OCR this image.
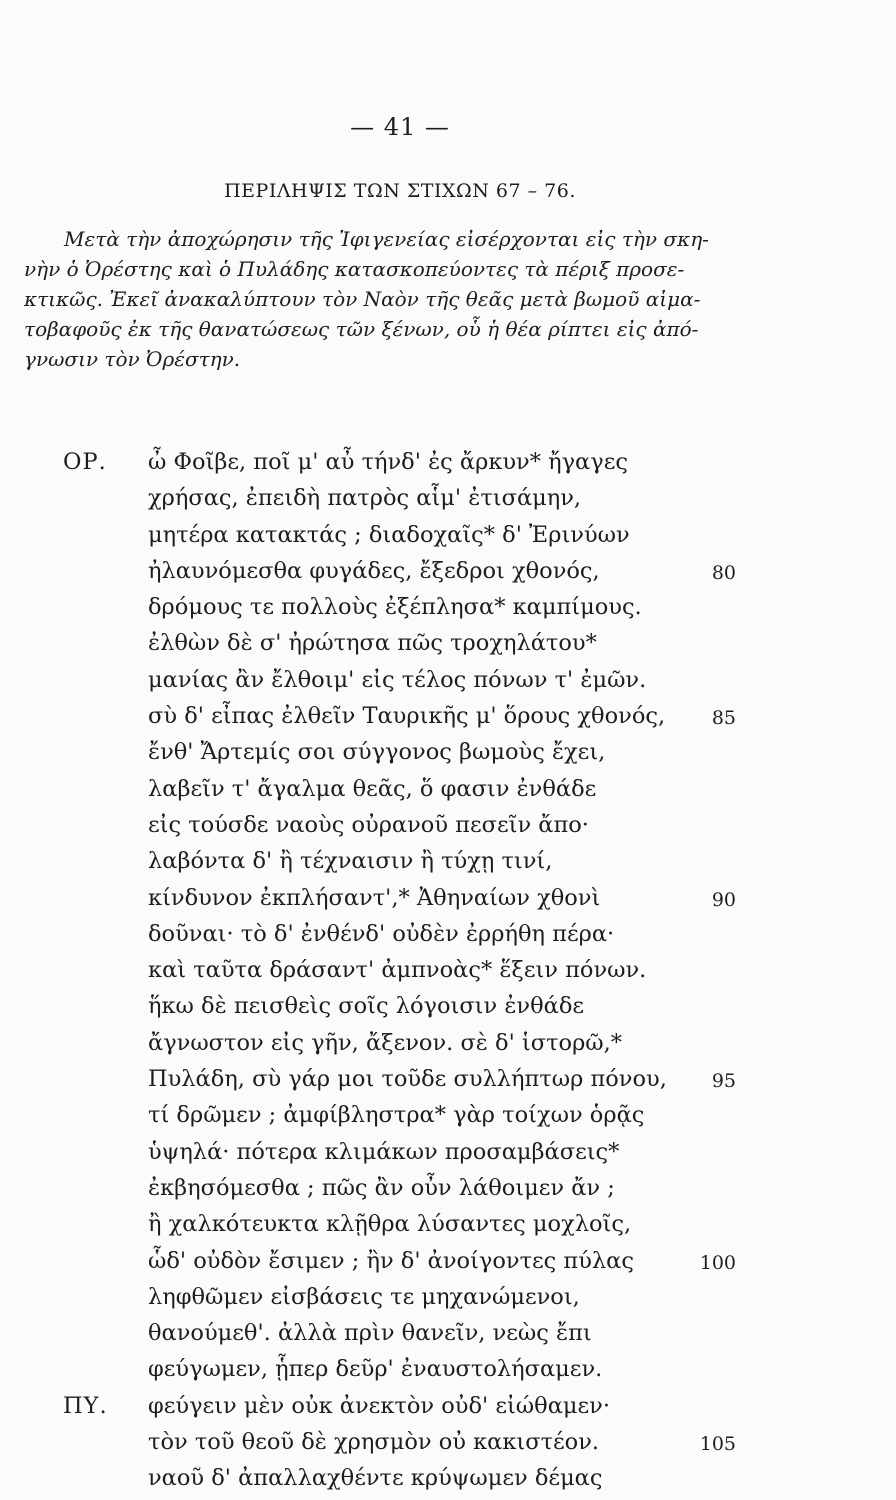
— 41 —
ΠΕΡΙΛΗΨΙΣ ΤΩΝ ΣΤΙΧΩΝ 67 – 76.
Μετὰ τὴν ἀποχώρησιν τῆς Ἰφιγενείας εἰσέρχονται εἰς τὴν σκη-
νὴν ὁ Ὀρέστης καὶ ὁ Πυλάδης κατασκοπεύοντες τὰ πέριξ προσε-
κτικῶς. Ἐκεῖ ἀνακαλύπτουν τὸν Ναὸν τῆς θεᾶς μετὰ βωμοῦ αἱμα-
τοβαφοῦς ἐκ τῆς θανατώσεως τῶν ξένων, οὗ ἡ θέα ρίπτει εἰς ἀπό-
γνωσιν τὸν Ὀρέστην.
ΟΡ. ὦ Φοῖβε, ποῖ μ' αὖ τήνδ' ἐς ἄρκυν* ἤγαγες
χρήσας, ἐπειδὴ πατρὸς αἷμ' ἐτισάμην,
μητέρα κατακτάς ; διαδοχαῖς* δ' Ἐρινύων
ἠλαυνόμεσθα φυγάδες, ἔξεδροι χθονός,	80
δρόμους τε πολλοὺς ἐξέπλησα* καμπίμους.
ἐλθὼν δὲ σ' ἠρώτησα πῶς τροχηλάτου*
μανίας ἂν ἔλθοιμ' εἰς τέλος πόνων τ' ἐμῶν.
σὺ δ' εἶπας ἐλθεῖν Ταυρικῆς μ' ὅρους χθονός, 85
ἔνθ' Ἄρτεμίς σοι σύγγονος βωμοὺς ἔχει,
λαβεῖν τ' ἄγαλμα θεᾶς, ὅ φασιν ἐνθάδε
εἰς τούσδε ναοὺς οὐρανοῦ πεσεῖν ἄπο·
λαβόντα δ' ἢ τέχναισιν ἢ τύχῃ τινί,
κίνδυνον ἐκπλήσαντ',* Ἀθηναίων χθονὶ	90
δοῦναι· τὸ δ' ἐνθένδ' οὐδὲν ἐρρήθη πέρα·
καὶ ταῦτα δράσαντ' ἀμπνοὰς* ἕξειν πόνων.
ἥκω δὲ πεισθεὶς σοῖς λόγοισιν ἐνθάδε
ἄγνωστον εἰς γῆν, ἄξενον. σὲ δ' ἱστορῶ,*
Πυλάδη, σὺ γάρ μοι τοῦδε συλλήπτωρ πόνου, 95
τί δρῶμεν ; ἀμφίβληστρα* γὰρ τοίχων ὁρᾷς
ὑψηλά· πότερα κλιμάκων προσαμβάσεις*
ἐκβησόμεσθα ; πῶς ἂν οὖν λάθοιμεν ἄν ;
ἢ χαλκότευκτα κλῇθρα λύσαντες μοχλοῖς,
ὧδ' οὐδὸν ἔσιμεν ; ἢν δ' ἀνοίγοντες πύλας	100
ληφθῶμεν εἰσβάσεις τε μηχανώμενοι,
θανούμεθ'. ἀλλὰ πρὶν θανεῖν, νεὼς ἔπι
φεύγωμεν, ᾗπερ δεῦρ' ἐναυστολήσαμεν.
ΠΥ. φεύγειν μὲν οὐκ ἀνεκτὸν οὐδ' εἰώθαμεν·
τὸν τοῦ θεοῦ δὲ χρησμὸν οὐ κακιστέον.	105
ναοῦ δ' ἀπαλλαχθέντε κρύψωμεν δέμας
